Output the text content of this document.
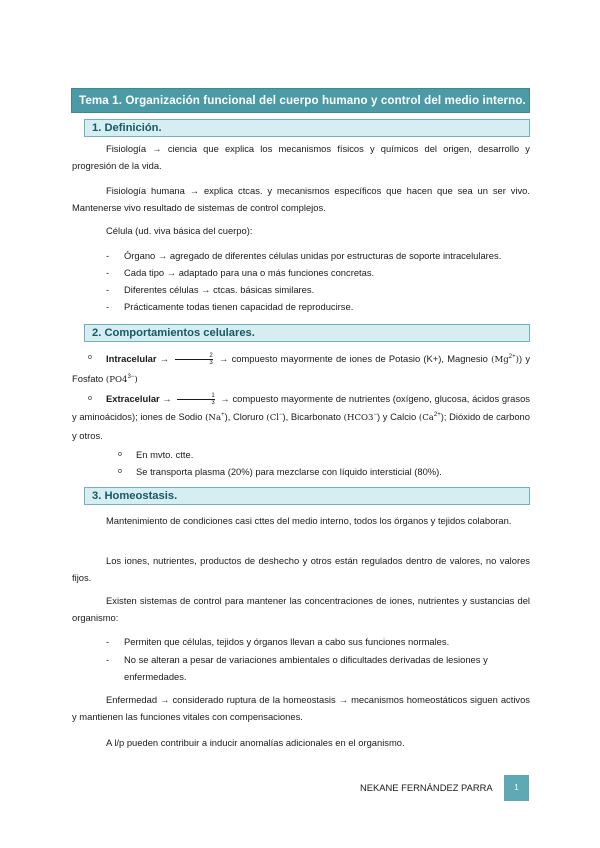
Tema 1. Organización funcional del cuerpo humano y control del medio interno.
1. Definición.
Fisiología → ciencia que explica los mecanismos físicos y químicos del origen, desarrollo y progresión de la vida.
Fisiología humana → explica ctcas. y mecanismos específicos que hacen que sea un ser vivo. Mantenerse vivo resultado de sistemas de control complejos.
Célula (ud. viva básica del cuerpo):
-	Órgano → agregado de diferentes células unidas por estructuras de soporte intracelulares.
-	Cada tipo → adaptado para una o más funciones concretas.
-	Diferentes células → ctcas. básicas similares.
-	Prácticamente todas tienen capacidad de reproducirse.
2. Comportamientos celulares.
o	Intracelular → $\frac{2}{3}$ → compuesto mayormente de iones de Potasio (K+), Magnesio $(Mg^{2+})$) y Fosfato $(PO4^{3-})$
o	Extracelular → $\frac{1}{3}$ → compuesto mayormente de nutrientes (oxígeno, glucosa, ácidos grasos y aminoácidos); iones de Sodio (Na+), Cloruro (Cl−), Bicarbonato (HCO3−) y Calcio $(Ca^{2+})$; Dióxido de carbono y otros.
o	En mvto. ctte.
o	Se transporta plasma (20%) para mezclarse con líquido intersticial (80%).
3. Homeostasis.
Mantenimiento de condiciones casi cttes del medio interno, todos los órganos y tejidos colaboran.
Los iones, nutrientes, productos de deshecho y otros están regulados dentro de valores, no valores fijos.
Existen sistemas de control para mantener las concentraciones de iones, nutrientes y sustancias del organismo:
-	Permiten que células, tejidos y órganos llevan a cabo sus funciones normales.
-	No se alteran a pesar de variaciones ambientales o dificultades derivadas de lesiones y enfermedades.
Enfermedad → considerado ruptura de la homeostasis → mecanismos homeostáticos siguen activos y mantienen las funciones vitales con compensaciones.
A l/p pueden contribuir a inducir anomalías adicionales en el organismo.
NEKANE FERNÁNDEZ PARRA	1
